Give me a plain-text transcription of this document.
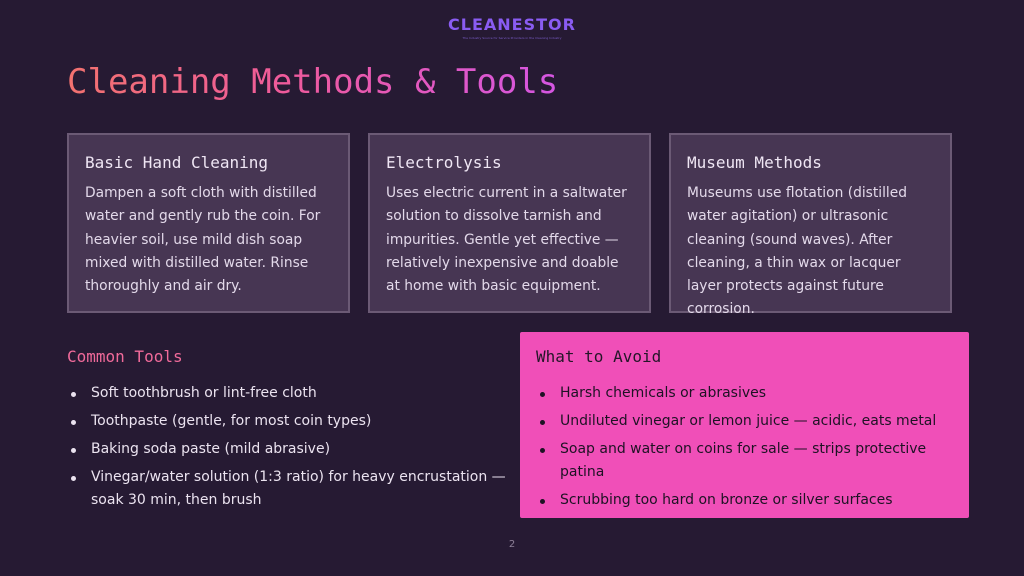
CLEANESTOR
The Industry Source for Service Providers in the Cleaning Industry
Cleaning Methods & Tools
Basic Hand Cleaning

Dampen a soft cloth with distilled water and gently rub the coin. For heavier soil, use mild dish soap mixed with distilled water. Rinse thoroughly and air dry.

Electrolysis

Uses electric current in a saltwater solution to dissolve tarnish and impurities. Gentle yet effective — relatively inexpensive and doable at home with basic equipment.

Museum Methods

Museums use flotation (distilled water agitation) or ultrasonic cleaning (sound waves). After cleaning, a thin wax or lacquer layer protects against future corrosion.

Common Tools
Soft toothbrush or lint-free cloth
Toothpaste (gentle, for most coin types)
Baking soda paste (mild abrasive)
Vinegar/water solution (1:3 ratio) for heavy encrustation — soak 30 min, then brush
What to Avoid
Harsh chemicals or abrasives
Undiluted vinegar or lemon juice — acidic, eats metal
Soap and water on coins for sale — strips protective patina
Scrubbing too hard on bronze or silver surfaces
2
